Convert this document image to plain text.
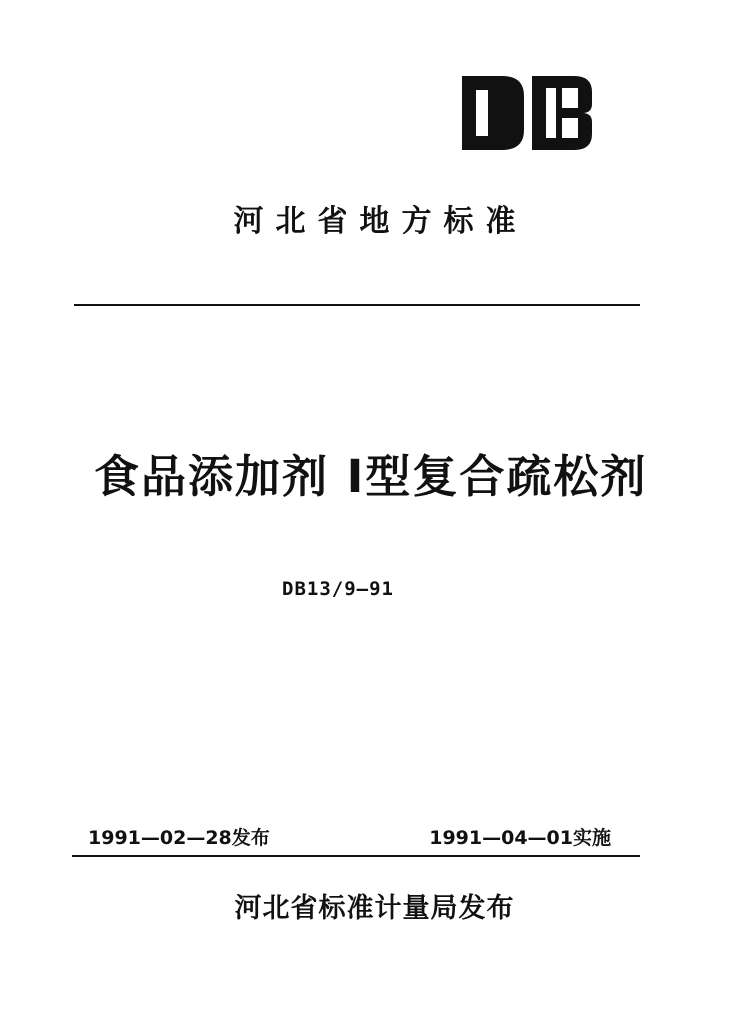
河北省地方标准
食品添加剂 I型复合疏松剂
DB13/9—91
1991—02—28发布	1991—04—01实施
河北省标准计量局发布
